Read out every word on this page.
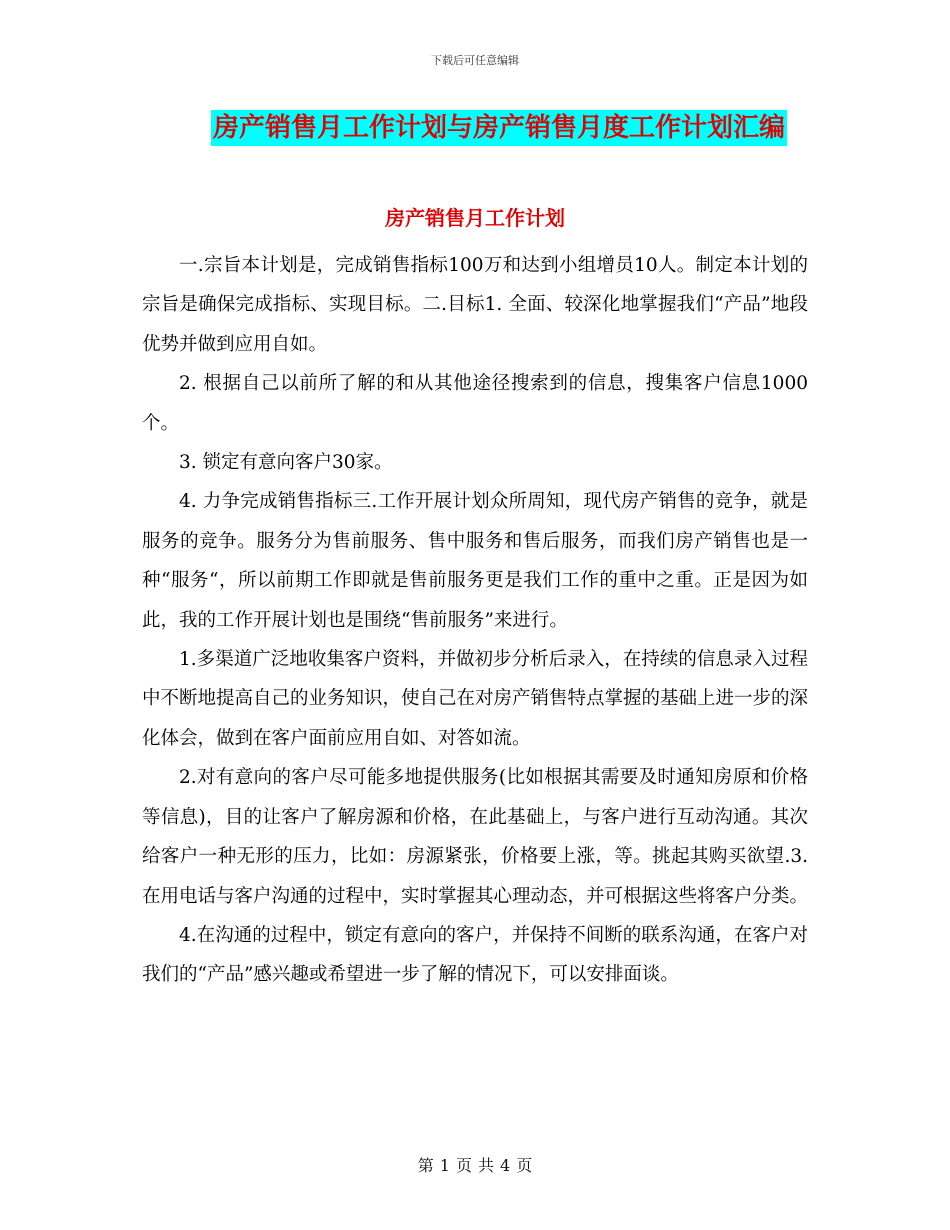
下载后可任意编辑
房产销售月工作计划与房产销售月度工作计划汇编
房产销售月工作计划

一.宗旨本计划是，完成销售指标100万和达到小组增员10人。制定本计划的宗旨是确保完成指标、实现目标。二.目标1. 全面、较深化地掌握我们“产品”地段优势并做到应用自如。

2. 根据自己以前所了解的和从其他途径搜索到的信息，搜集客户信息1000个。

3. 锁定有意向客户30家。

4. 力争完成销售指标三.工作开展计划众所周知，现代房产销售的竞争，就是服务的竞争。服务分为售前服务、售中服务和售后服务，而我们房产销售也是一种“服务“，所以前期工作即就是售前服务更是我们工作的重中之重。正是因为如此，我的工作开展计划也是围绕“售前服务”来进行。

1.多渠道广泛地收集客户资料，并做初步分析后录入，在持续的信息录入过程中不断地提高自己的业务知识，使自己在对房产销售特点掌握的基础上进一步的深化体会，做到在客户面前应用自如、对答如流。

2.对有意向的客户尽可能多地提供服务(比如根据其需要及时通知房原和价格等信息)，目的让客户了解房源和价格，在此基础上，与客户进行互动沟通。其次给客户一种无形的压力，比如：房源紧张，价格要上涨，等。挑起其购买欲望.3.在用电话与客户沟通的过程中，实时掌握其心理动态，并可根据这些将客户分类。

4.在沟通的过程中，锁定有意向的客户，并保持不间断的联系沟通，在客户对我们的“产品”感兴趣或希望进一步了解的情况下，可以安排面谈。

第 1 页 共 4 页
